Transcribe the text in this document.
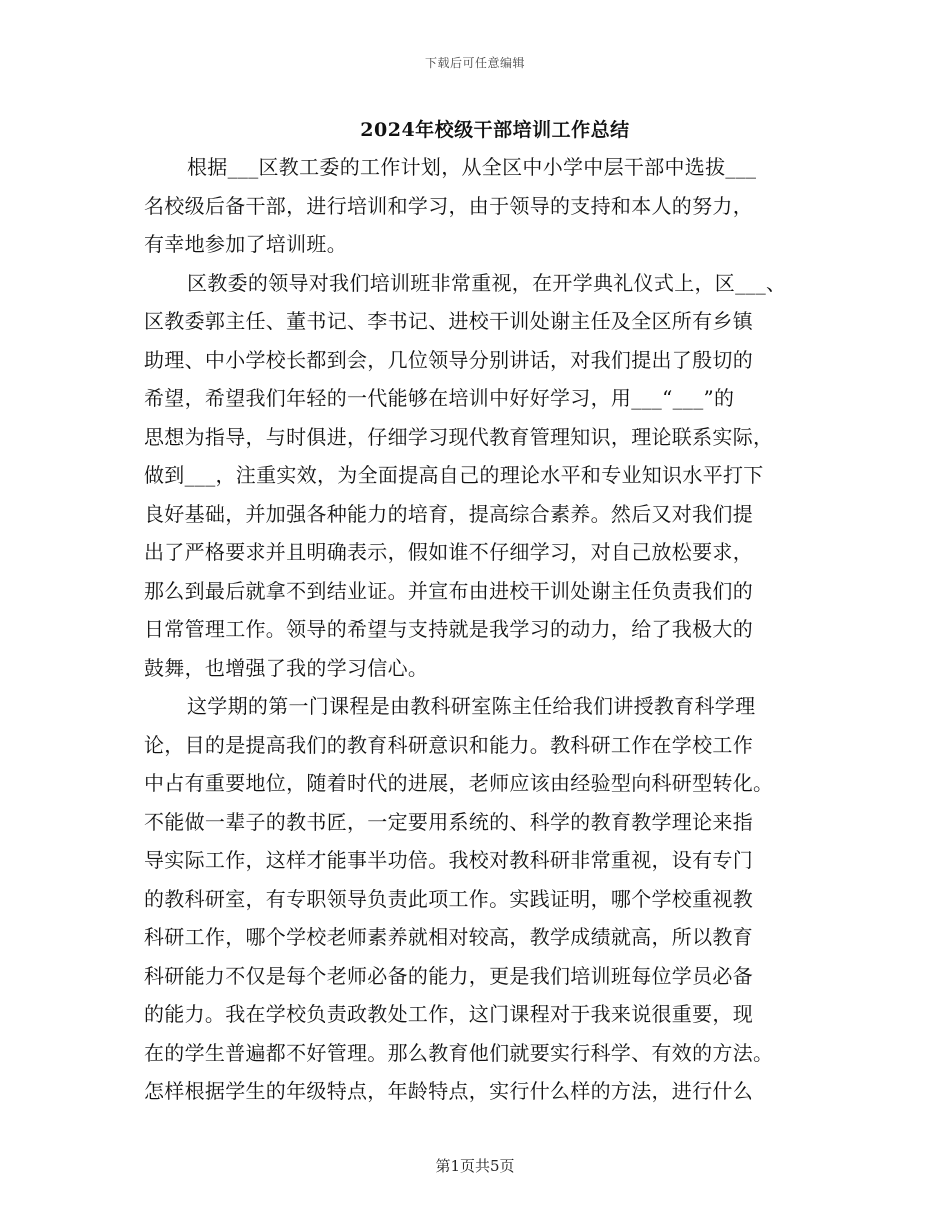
下载后可任意编辑
2024年校级干部培训工作总结
根据___区教工委的工作计划，从全区中小学中层干部中选拔___
名校级后备干部，进行培训和学习，由于领导的支持和本人的努力，
有幸地参加了培训班。
区教委的领导对我们培训班非常重视，在开学典礼仪式上，区___、
区教委郭主任、董书记、李书记、进校干训处谢主任及全区所有乡镇
助理、中小学校长都到会，几位领导分别讲话，对我们提出了殷切的
希望，希望我们年轻的一代能够在培训中好好学习，用___“___”的
思想为指导，与时俱进，仔细学习现代教育管理知识，理论联系实际，
做到___，注重实效，为全面提高自己的理论水平和专业知识水平打下
良好基础，并加强各种能力的培育，提高综合素养。然后又对我们提
出了严格要求并且明确表示，假如谁不仔细学习，对自己放松要求，
那么到最后就拿不到结业证。并宣布由进校干训处谢主任负责我们的
日常管理工作。领导的希望与支持就是我学习的动力，给了我极大的
鼓舞，也增强了我的学习信心。
这学期的第一门课程是由教科研室陈主任给我们讲授教育科学理
论，目的是提高我们的教育科研意识和能力。教科研工作在学校工作
中占有重要地位，随着时代的进展，老师应该由经验型向科研型转化。
不能做一辈子的教书匠，一定要用系统的、科学的教育教学理论来指
导实际工作，这样才能事半功倍。我校对教科研非常重视，设有专门
的教科研室，有专职领导负责此项工作。实践证明，哪个学校重视教
科研工作，哪个学校老师素养就相对较高，教学成绩就高，所以教育
科研能力不仅是每个老师必备的能力，更是我们培训班每位学员必备
的能力。我在学校负责政教处工作，这门课程对于我来说很重要，现
在的学生普遍都不好管理。那么教育他们就要实行科学、有效的方法。
怎样根据学生的年级特点，年龄特点，实行什么样的方法，进行什么
第1页共5页
